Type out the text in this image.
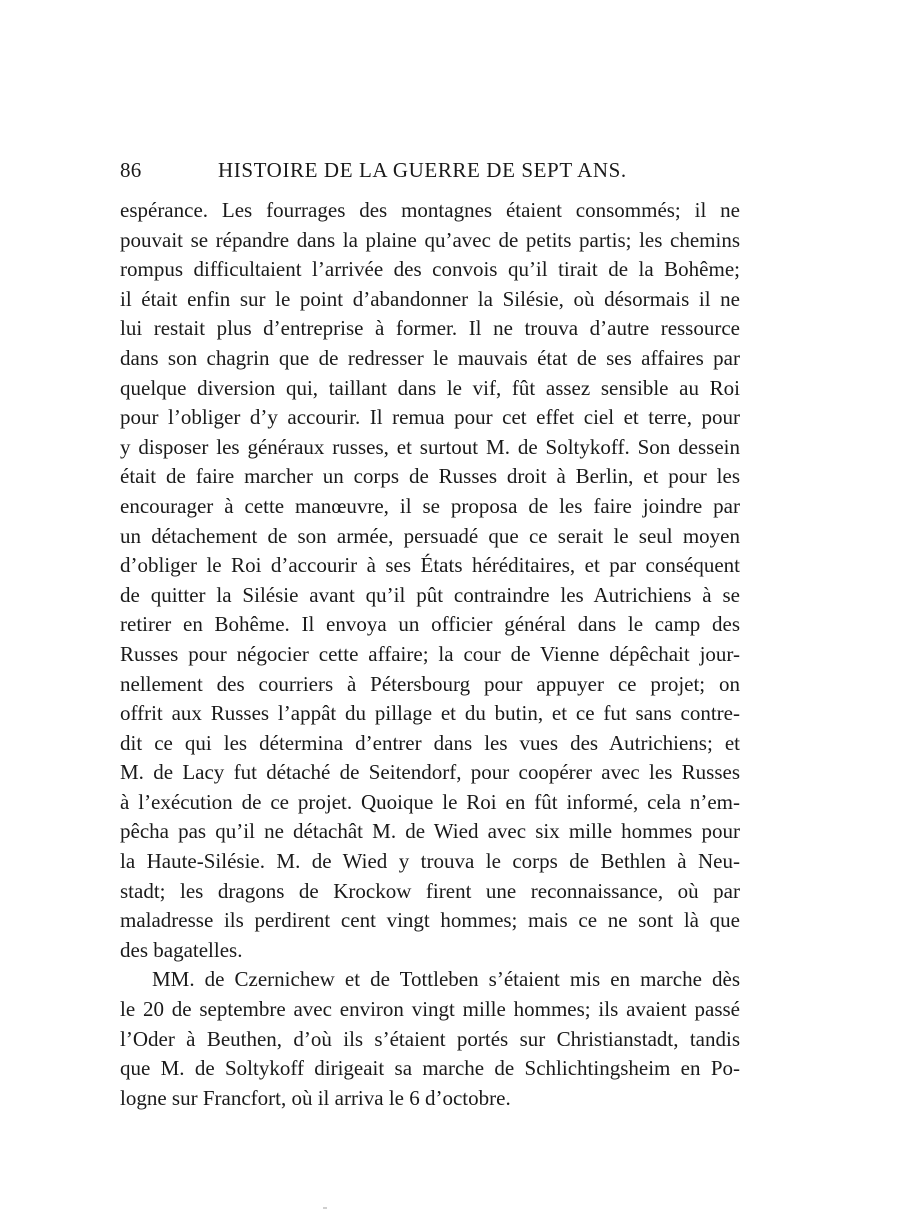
86	HISTOIRE DE LA GUERRE DE SEPT ANS.
espérance. Les fourrages des montagnes étaient consommés; il ne
pouvait se répandre dans la plaine qu’avec de petits partis; les chemins
rompus difficultaient l’arrivée des convois qu’il tirait de la Bohême;
il était enfin sur le point d’abandonner la Silésie, où désormais il ne
lui restait plus d’entreprise à former. Il ne trouva d’autre ressource
dans son chagrin que de redresser le mauvais état de ses affaires par
quelque diversion qui, taillant dans le vif, fût assez sensible au Roi
pour l’obliger d’y accourir. Il remua pour cet effet ciel et terre, pour
y disposer les généraux russes, et surtout M. de Soltykoff. Son dessein
était de faire marcher un corps de Russes droit à Berlin, et pour les
encourager à cette manœuvre, il se proposa de les faire joindre par
un détachement de son armée, persuadé que ce serait le seul moyen
d’obliger le Roi d’accourir à ses États héréditaires, et par conséquent
de quitter la Silésie avant qu’il pût contraindre les Autrichiens à se
retirer en Bohême. Il envoya un officier général dans le camp des
Russes pour négocier cette affaire; la cour de Vienne dépêchait jour-
nellement des courriers à Pétersbourg pour appuyer ce projet; on
offrit aux Russes l’appât du pillage et du butin, et ce fut sans contre-
dit ce qui les détermina d’entrer dans les vues des Autrichiens; et
M. de Lacy fut détaché de Seitendorf, pour coopérer avec les Russes
à l’exécution de ce projet. Quoique le Roi en fût informé, cela n’em-
pêcha pas qu’il ne détachât M. de Wied avec six mille hommes pour
la Haute-Silésie. M. de Wied y trouva le corps de Bethlen à Neu-
stadt; les dragons de Krockow firent une reconnaissance, où par
maladresse ils perdirent cent vingt hommes; mais ce ne sont là que
des bagatelles.
MM. de Czernichew et de Tottleben s’étaient mis en marche dès
le 20 de septembre avec environ vingt mille hommes; ils avaient passé
l’Oder à Beuthen, d’où ils s’étaient portés sur Christianstadt, tandis
que M. de Soltykoff dirigeait sa marche de Schlichtingsheim en Po-
logne sur Francfort, où il arriva le 6 d’octobre.
